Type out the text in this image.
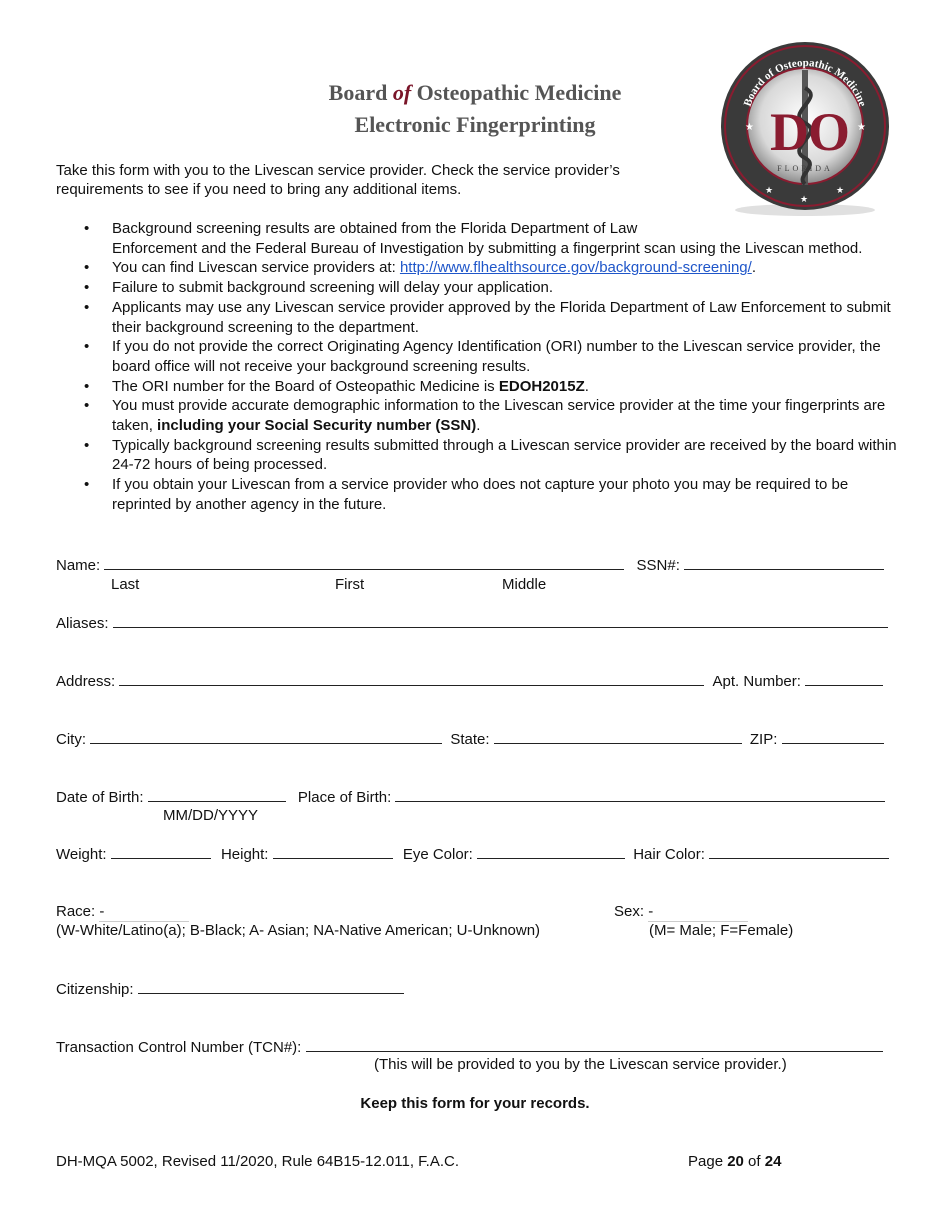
Board of Osteopathic Medicine
Electronic Fingerprinting
Board of Osteopathic Medicine
★	★
★
★
★
D O
FLORIDA
Take this form with you to the Livescan service provider. Check the service provider’s requirements to see if you need to bring any additional items.
• Background screening results are obtained from the Florida Department of Law
Enforcement and the Federal Bureau of Investigation by submitting a fingerprint scan using the Livescan method.
• You can find Livescan service providers at: http://www.flhealthsource.gov/background-screening/.
• Failure to submit background screening will delay your application.
• Applicants may use any Livescan service provider approved by the Florida Department of Law Enforcement to submit their background screening to the department.
• If you do not provide the correct Originating Agency Identification (ORI) number to the Livescan service provider, the board office will not receive your background screening results.
• The ORI number for the Board of Osteopathic Medicine is EDOH2015Z.
• You must provide accurate demographic information to the Livescan service provider at the time your fingerprints are taken, including your Social Security number (SSN).
• Typically background screening results submitted through a Livescan service provider are received by the board within 24-72 hours of being processed.
• If you obtain your Livescan from a service provider who does not capture your photo you may be required to be reprinted by another agency in the future.
Name:	SSN#:
Last	First	Middle
Aliases:
Address:	Apt. Number:
City:	State:	ZIP:
Date of Birth:	Place of Birth:
MM/DD/YYYY
Weight:	Height:	Eye Color:	Hair Color:
Race: -
(W-White/Latino(a); B-Black; A- Asian; NA-Native American; U-Unknown)
Sex: -
(M= Male; F=Female)
Citizenship:
Transaction Control Number (TCN#):
(This will be provided to you by the Livescan service provider.)
Keep this form for your records.
DH-MQA 5002, Revised 11/2020, Rule 64B15-12.011, F.A.C.	Page 20 of 24
